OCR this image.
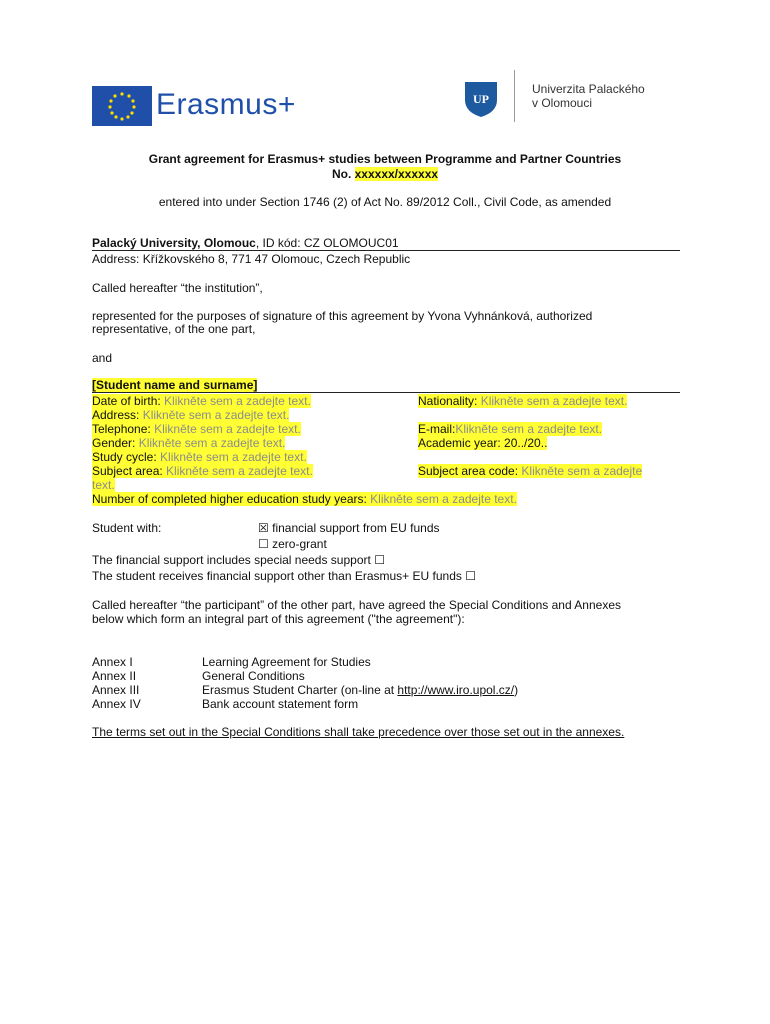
Erasmus+	UP
Univerzita Palackého
v Olomouci
Grant agreement for Erasmus+ studies between Programme and Partner Countries
No. xxxxxx/xxxxxx
entered into under Section 1746 (2) of Act No. 89/2012 Coll., Civil Code, as amended
Palacký University, Olomouc, ID kód: CZ OLOMOUC01
Address: Křížkovského 8, 771 47 Olomouc, Czech Republic
Called hereafter “the institution”,
represented for the purposes of signature of this agreement by Yvona Vyhnánková, authorized
representative, of the one part,
and
[Student name and surname]
Date of birth: Klikněte sem a zadejte text.	Nationality: Klikněte sem a zadejte text.
Address: Klikněte sem a zadejte text.
Telephone: Klikněte sem a zadejte text.	E-mail:Klikněte sem a zadejte text.
Gender: Klikněte sem a zadejte text.	Academic year: 20../20..
Study cycle: Klikněte sem a zadejte text.
Subject area: Klikněte sem a zadejte text.	Subject area code: Klikněte sem a zadejte
text.
Number of completed higher education study years: Klikněte sem a zadejte text.
Student with:	☒ financial support from EU funds
☐ zero-grant
The financial support includes special needs support ☐
The student receives financial support other than Erasmus+ EU funds ☐
Called hereafter “the participant” of the other part, have agreed the Special Conditions and Annexes
below which form an integral part of this agreement ("the agreement"):
Annex I	Learning Agreement for Studies
Annex II	General Conditions
Annex III	Erasmus Student Charter (on-line at http://www.iro.upol.cz/)
Annex IV	Bank account statement form
The terms set out in the Special Conditions shall take precedence over those set out in the annexes.
